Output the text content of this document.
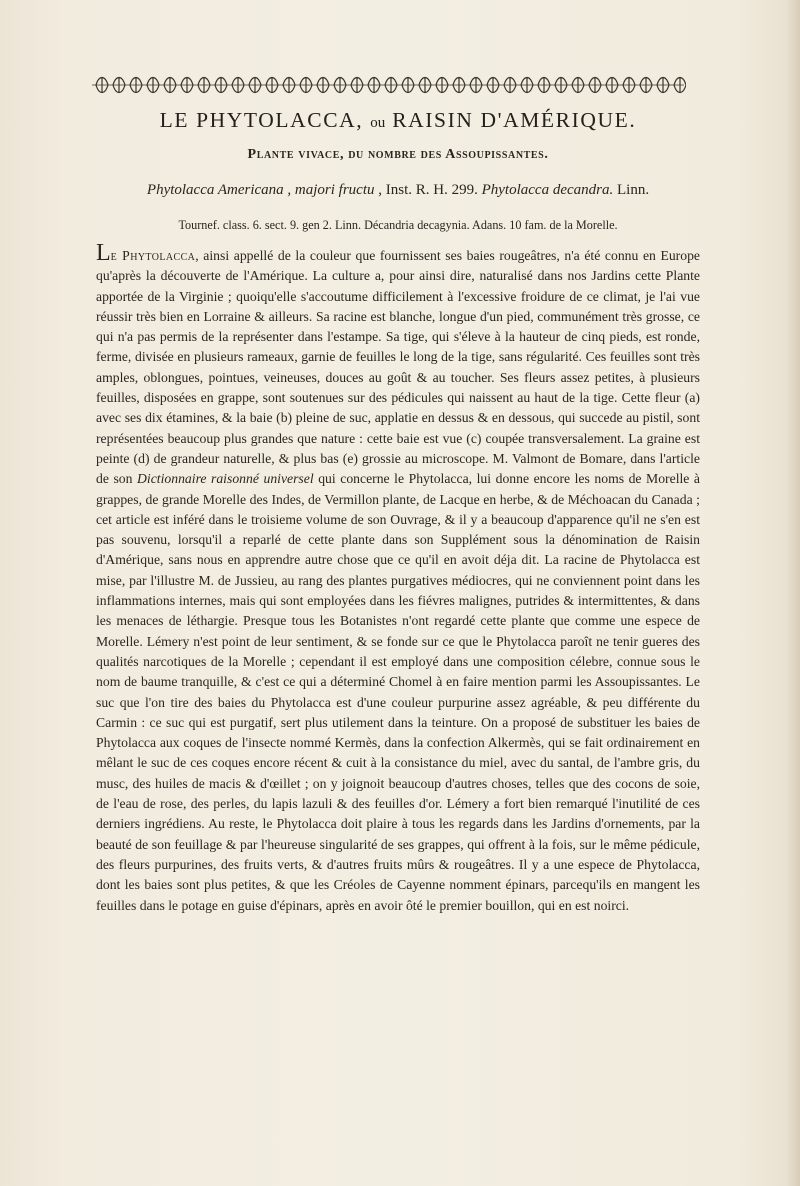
LE PHYTOLACCA, ou RAISIN D'AMÉRIQUE.
Plante vivace, du nombre des Assoupissantes.
Phytolacca Americana , majori fructu , Inst. R. H. 299. Phytolacca decandra. Linn.
Tournef. class. 6. sect. 9. gen 2. Linn. Décandria decagynia. Adans. 10 fam. de la Morelle.
Le Phytolacca, ainsi appellé de la couleur que fournissent ses baies rougeâtres, n'a été connu en Europe qu'après la découverte de l'Amérique. La culture a, pour ainsi dire, naturalisé dans nos Jardins cette Plante apportée de la Virginie ; quoiqu'elle s'accoutume difficilement à l'excessive froidure de ce climat, je l'ai vue réussir très bien en Lorraine & ailleurs. Sa racine est blanche, longue d'un pied, communément très grosse, ce qui n'a pas permis de la représenter dans l'estampe. Sa tige, qui s'éleve à la hauteur de cinq pieds, est ronde, ferme, divisée en plusieurs rameaux, garnie de feuilles le long de la tige, sans régularité. Ces feuilles sont très amples, oblongues, pointues, veineuses, douces au goût & au toucher. Ses fleurs assez petites, à plusieurs feuilles, disposées en grappe, sont soutenues sur des pédicules qui naissent au haut de la tige. Cette fleur (a) avec ses dix étamines, & la baie (b) pleine de suc, applatie en dessus & en dessous, qui succede au pistil, sont représentées beaucoup plus grandes que nature : cette baie est vue (c) coupée transversalement. La graine est peinte (d) de grandeur naturelle, & plus bas (e) grossie au microscope. M. Valmont de Bomare, dans l'article de son Dictionnaire raisonné universel qui concerne le Phytolacca, lui donne encore les noms de Morelle à grappes, de grande Morelle des Indes, de Vermillon plante, de Lacque en herbe, & de Méchoacan du Canada ; cet article est inféré dans le troisieme volume de son Ouvrage, & il y a beaucoup d'apparence qu'il ne s'en est pas souvenu, lorsqu'il a reparlé de cette plante dans son Supplément sous la dénomination de Raisin d'Amérique, sans nous en apprendre autre chose que ce qu'il en avoit déja dit. La racine de Phytolacca est mise, par l'illustre M. de Jussieu, au rang des plantes purgatives médiocres, qui ne conviennent point dans les inflammations internes, mais qui sont employées dans les fiévres malignes, putrides & intermittentes, & dans les menaces de léthargie. Presque tous les Botanistes n'ont regardé cette plante que comme une espece de Morelle. Lémery n'est point de leur sentiment, & se fonde sur ce que le Phytolacca paroît ne tenir gueres des qualités narcotiques de la Morelle ; cependant il est employé dans une composition célebre, connue sous le nom de baume tranquille, & c'est ce qui a déterminé Chomel à en faire mention parmi les Assoupissantes. Le suc que l'on tire des baies du Phytolacca est d'une couleur purpurine assez agréable, & peu différente du Carmin : ce suc qui est purgatif, sert plus utilement dans la teinture. On a proposé de substituer les baies de Phytolacca aux coques de l'insecte nommé Kermès, dans la confection Alkermès, qui se fait ordinairement en mêlant le suc de ces coques encore récent & cuit à la consistance du miel, avec du santal, de l'ambre gris, du musc, des huiles de macis & d'œillet ; on y joignoit beaucoup d'autres choses, telles que des cocons de soie, de l'eau de rose, des perles, du lapis lazuli & des feuilles d'or. Lémery a fort bien remarqué l'inutilité de ces derniers ingrédiens. Au reste, le Phytolacca doit plaire à tous les regards dans les Jardins d'ornements, par la beauté de son feuillage & par l'heureuse singularité de ses grappes, qui offrent à la fois, sur le même pédicule, des fleurs purpurines, des fruits verts, & d'autres fruits mûrs & rougeâtres. Il y a une espece de Phytolacca, dont les baies sont plus petites, & que les Créoles de Cayenne nomment épinars, parcequ'ils en mangent les feuilles dans le potage en guise d'épinars, après en avoir ôté le premier bouillon, qui en est noirci.
